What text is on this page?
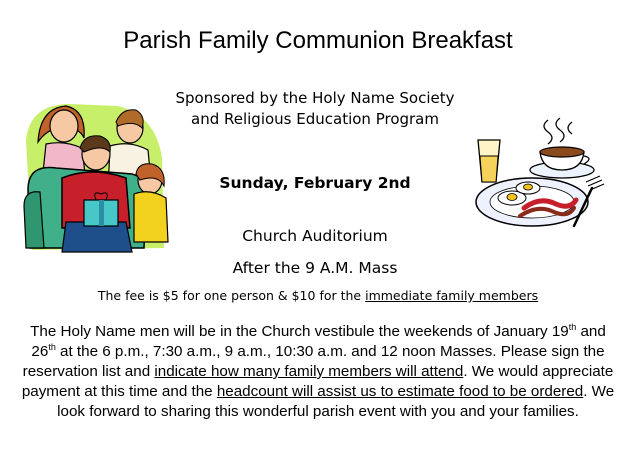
Parish Family Communion Breakfast
Sponsored by the Holy Name Society
and Religious Education Program
Sunday, February 2nd
Church Auditorium
After the 9 A.M. Mass
The fee is $5 for one person & $10 for the immediate family members
The Holy Name men will be in the Church vestibule the weekends of January 19th and 26th at the 6 p.m., 7:30 a.m., 9 a.m., 10:30 a.m. and 12 noon Masses. Please sign the reservation list and indicate how many family members will attend. We would appreciate payment at this time and the headcount will assist us to estimate food to be ordered. We look forward to sharing this wonderful parish event with you and your families.
